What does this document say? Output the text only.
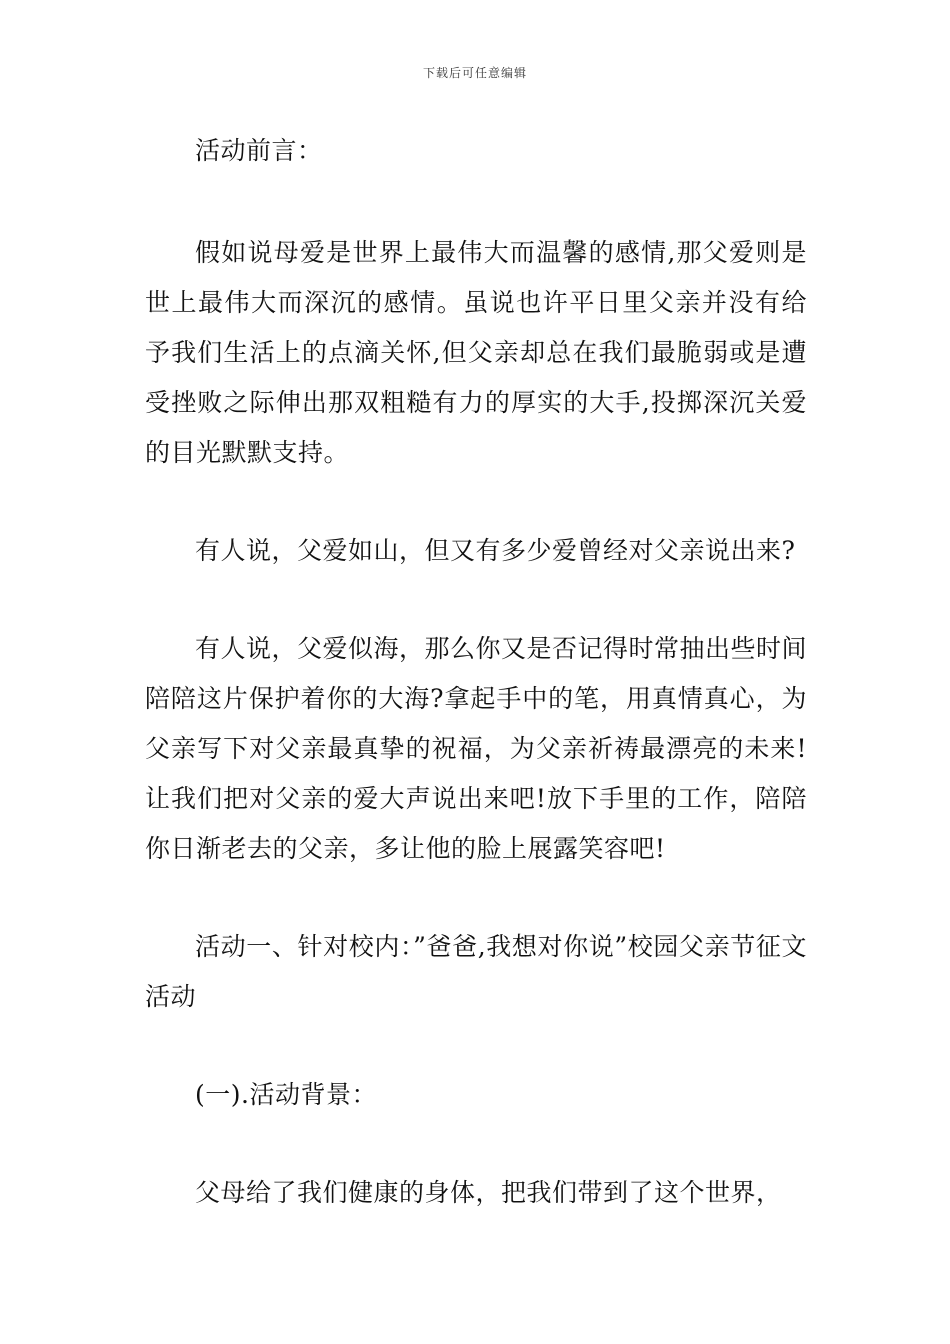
下载后可任意编辑

活动前言：

假如说母爱是世界上最伟大而温馨的感情,那父爱则是世上最伟大而深沉的感情。虽说也许平日里父亲并没有给予我们生活上的点滴关怀,但父亲却总在我们最脆弱或是遭受挫败之际伸出那双粗糙有力的厚实的大手,投掷深沉关爱的目光默默支持。

有人说，父爱如山，但又有多少爱曾经对父亲说出来?

有人说，父爱似海，那么你又是否记得时常抽出些时间陪陪这片保护着你的大海?拿起手中的笔，用真情真心，为父亲写下对父亲最真挚的祝福，为父亲祈祷最漂亮的未来!让我们把对父亲的爱大声说出来吧!放下手里的工作，陪陪你日渐老去的父亲，多让他的脸上展露笑容吧!

活动一、针对校内：”爸爸,我想对你说”校园父亲节征文活动

(一).活动背景：

父母给了我们健康的身体，把我们带到了这个世界，
